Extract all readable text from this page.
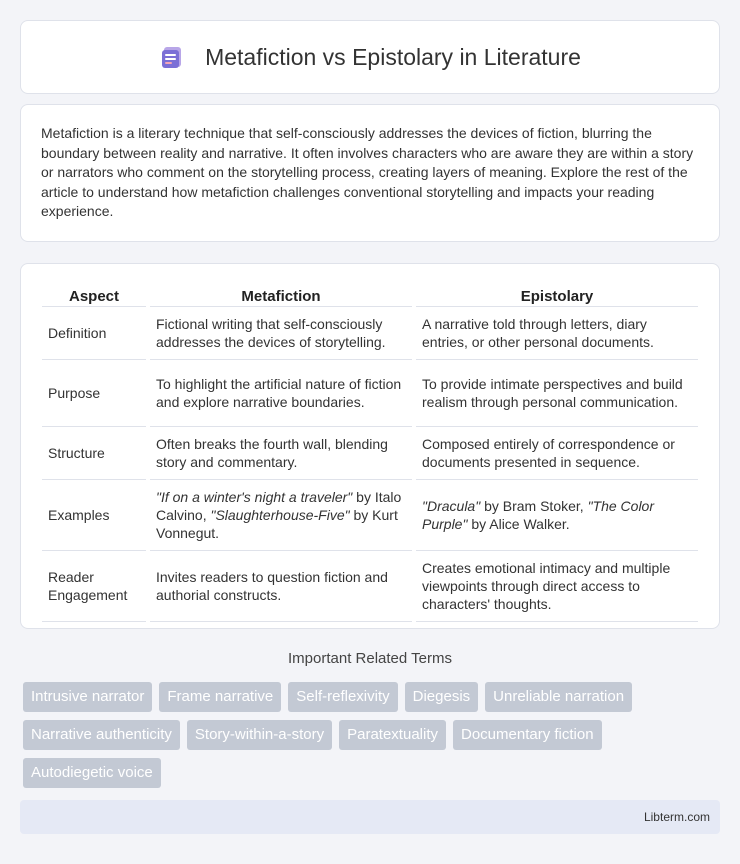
Metafiction vs Epistolary in Literature

Metafiction is a literary technique that self-consciously addresses the devices of fiction, blurring the boundary between reality and narrative. It often involves characters who are aware they are within a story or narrators who comment on the storytelling process, creating layers of meaning. Explore the rest of the article to understand how metafiction challenges conventional storytelling and impacts your reading experience.

Aspect	Metafiction	Epistolary
Definition	Fictional writing that self-consciously addresses the devices of storytelling.	A narrative told through letters, diary entries, or other personal documents.
Purpose	To highlight the artificial nature of fiction and explore narrative boundaries.	To provide intimate perspectives and build realism through personal communication.
Structure	Often breaks the fourth wall, blending story and commentary.	Composed entirely of correspondence or documents presented in sequence.
Examples	"If on a winter's night a traveler" by Italo Calvino, "Slaughterhouse-Five" by Kurt Vonnegut.	"Dracula" by Bram Stoker, "The Color Purple" by Alice Walker.
Reader Engagement	Invites readers to question fiction and authorial constructs.	Creates emotional intimacy and multiple viewpoints through direct access to characters' thoughts.
Important Related Terms
Intrusive narrator	Frame narrative	Self-reflexivity	Diegesis	Unreliable narration
Narrative authenticity	Story-within-a-story	Paratextuality	Documentary fiction
Autodiegetic voice
Libterm.com
